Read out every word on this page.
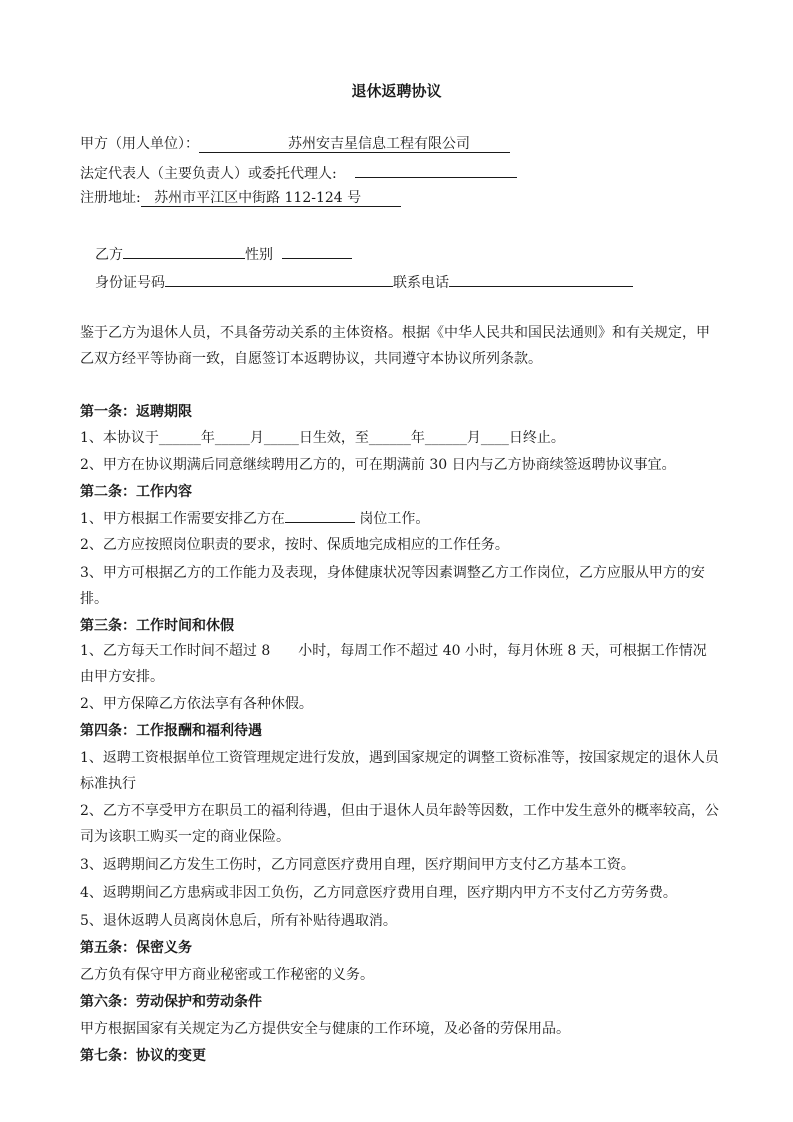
退休返聘协议
甲方（用人单位）：	苏州安吉星信息工程有限公司
法定代表人（主要负责人）或委托代理人:
注册地址: 苏州市平江区中街路 112-124 号
乙方	性别
身份证号码	联系电话
鉴于乙方为退休人员，不具备劳动关系的主体资格。根据《中华人民共和国民法通则》和有关规定，甲乙双方经平等协商一致，自愿签订本返聘协议，共同遵守本协议所列条款。
第一条：返聘期限
1、本协议于______年_____月_____日生效，至______年______月____日终止。
2、甲方在协议期满后同意继续聘用乙方的，可在期满前 30 日内与乙方协商续签返聘协议事宜。
第二条：工作内容
1、甲方根据工作需要安排乙方在	岗位工作。
2、乙方应按照岗位职责的要求，按时、保质地完成相应的工作任务。
3、甲方可根据乙方的工作能力及表现，身体健康状况等因素调整乙方工作岗位，乙方应服从甲方的安排。
第三条：工作时间和休假
1、乙方每天工作时间不超过 8　　小时，每周工作不超过 40 小时，每月休班 8 天，可根据工作情况由甲方安排。
2、甲方保障乙方依法享有各种休假。
第四条：工作报酬和福利待遇
1、返聘工资根据单位工资管理规定进行发放，遇到国家规定的调整工资标准等，按国家规定的退休人员标准执行
2、乙方不享受甲方在职员工的福利待遇，但由于退休人员年龄等因数，工作中发生意外的概率较高，公司为该职工购买一定的商业保险。
3、返聘期间乙方发生工伤时，乙方同意医疗费用自理，医疗期间甲方支付乙方基本工资。
4、返聘期间乙方患病或非因工负伤，乙方同意医疗费用自理，医疗期内甲方不支付乙方劳务费。
5、退休返聘人员离岗休息后，所有补贴待遇取消。
第五条：保密义务
乙方负有保守甲方商业秘密或工作秘密的义务。
第六条：劳动保护和劳动条件
甲方根据国家有关规定为乙方提供安全与健康的工作环境，及必备的劳保用品。
第七条：协议的变更
